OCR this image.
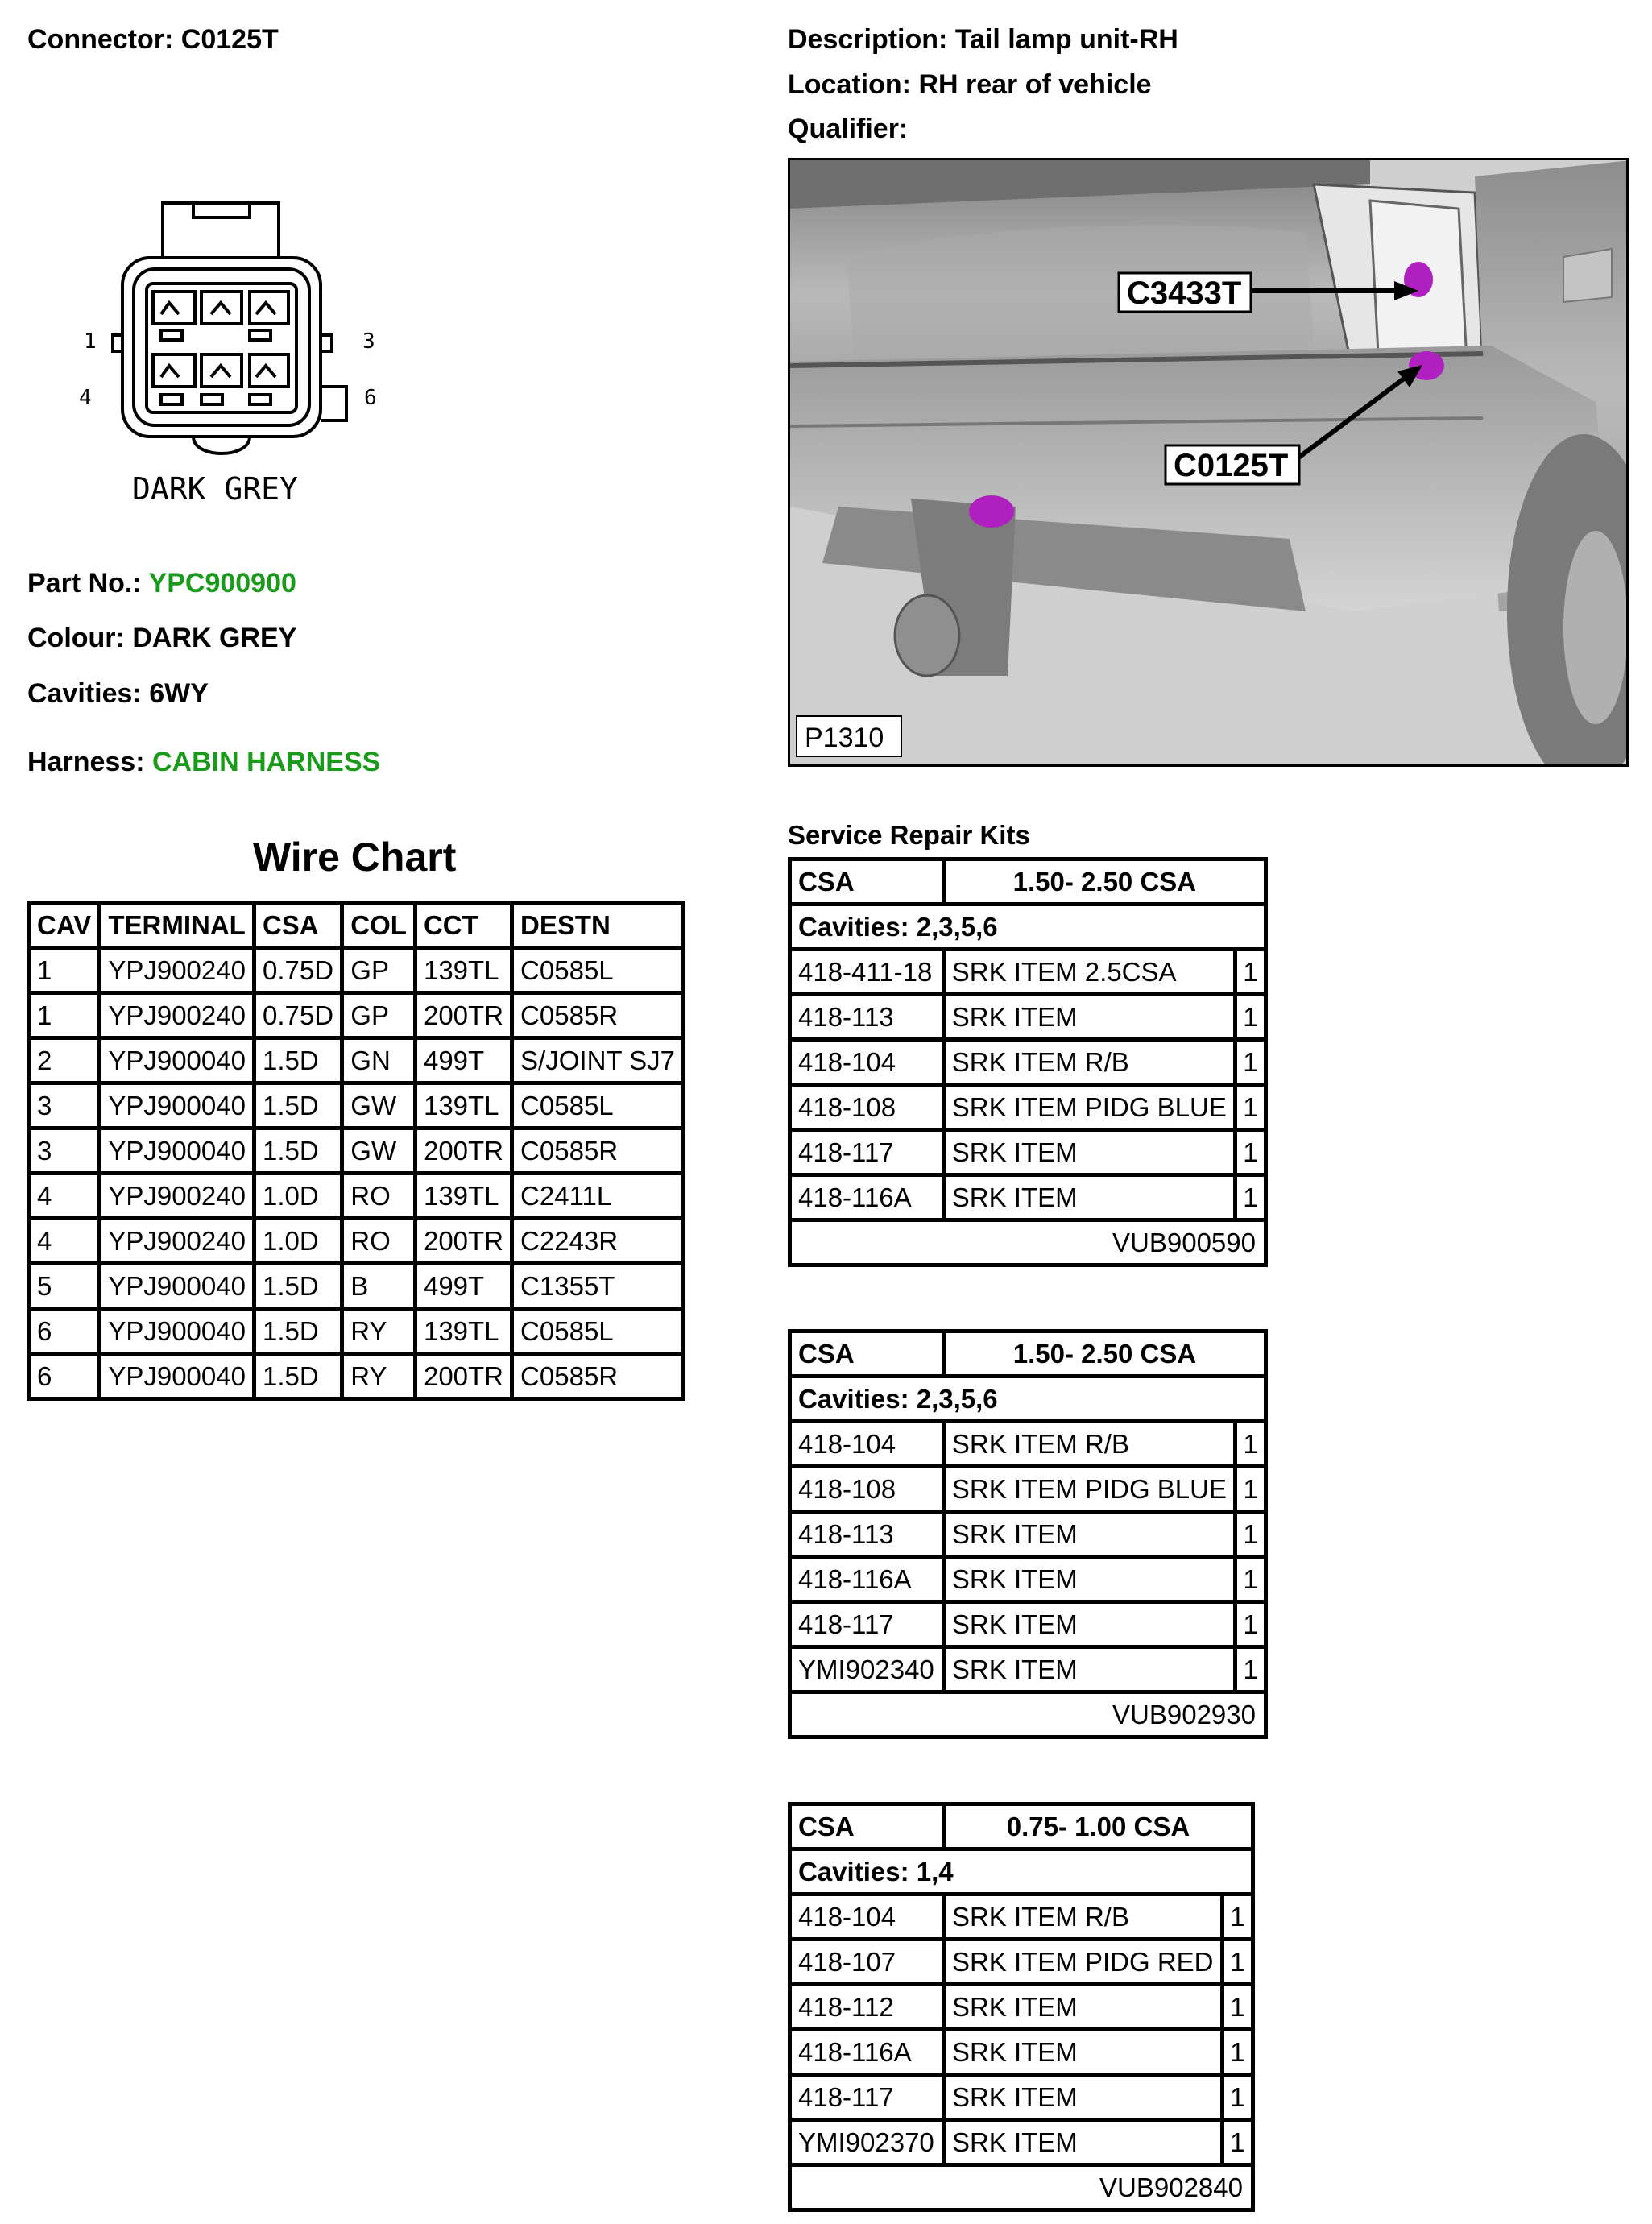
Connector: C0125T	Description: Tail lamp unit-RH
Location: RH rear of vehicle
Qualifier:
1	3
4	6
DARK GREY
Part No.: YPC900900
Colour: DARK GREY
Cavities: 6WY
Harness: CABIN HARNESS
C3433T
C0125T
P1310
Wire Chart
CAV	TERMINAL	CSA	COL	CCT	DESTN
1	YPJ900240	0.75D	GP	139TL	C0585L
1	YPJ900240	0.75D	GP	200TR	C0585R
2	YPJ900040	1.5D	GN	499T	S/JOINT SJ7
3	YPJ900040	1.5D	GW	139TL	C0585L
3	YPJ900040	1.5D	GW	200TR	C0585R
4	YPJ900240	1.0D	RO	139TL	C2411L
4	YPJ900240	1.0D	RO	200TR	C2243R
5	YPJ900040	1.5D	B	499T	C1355T
6	YPJ900040	1.5D	RY	139TL	C0585L
6	YPJ900040	1.5D	RY	200TR	C0585R
Service Repair Kits
CSA	1.50- 2.50 CSA	
Cavities: 2,3,5,6		
418-411-18	SRK ITEM 2.5CSA	1
418-113	SRK ITEM	1
418-104	SRK ITEM R/B	1
418-108	SRK ITEM PIDG BLUE	1
418-117	SRK ITEM	1
418-116A	SRK ITEM	1
VUB900590		
CSA	1.50- 2.50 CSA	
Cavities: 2,3,5,6		
418-104	SRK ITEM R/B	1
418-108	SRK ITEM PIDG BLUE	1
418-113	SRK ITEM	1
418-116A	SRK ITEM	1
418-117	SRK ITEM	1
YMI902340	SRK ITEM	1
VUB902930		
CSA	0.75- 1.00 CSA	
Cavities: 1,4		
418-104	SRK ITEM R/B	1
418-107	SRK ITEM PIDG RED	1
418-112	SRK ITEM	1
418-116A	SRK ITEM	1
418-117	SRK ITEM	1
YMI902370	SRK ITEM	1
VUB902840		
